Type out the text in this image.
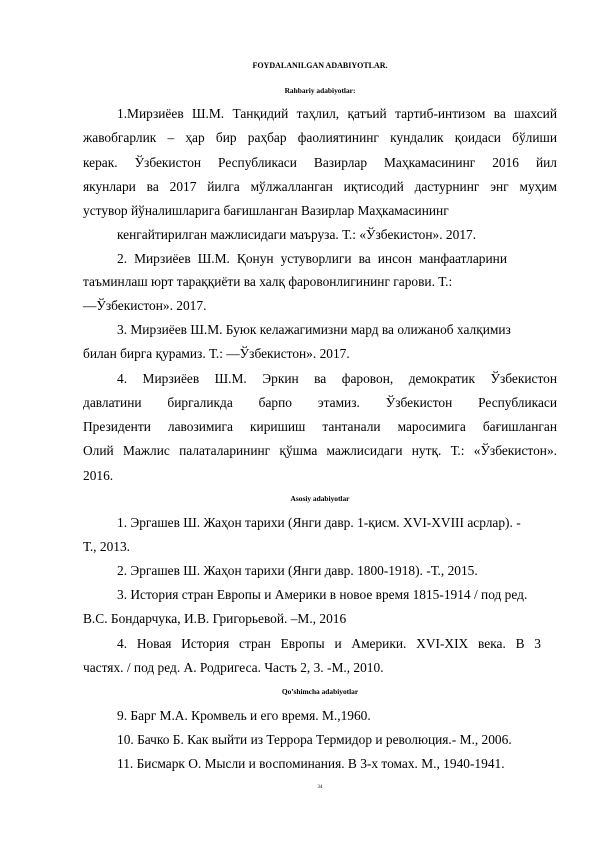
FOYDALANILGAN ADABIYOTLAR.
Rahbariy adabiyotlar:
1.Мирзиёев Ш.М. Танқидий таҳлил, қатъий тартиб-интизом ва шахсий
жавобгарлик – ҳар бир раҳбар фаолиятининг кундалик қоидаси бўлиши
керак. Ўзбекистон Республикаси Вазирлар Маҳкамасининг 2016 йил
якунлари ва 2017 йилга мўлжалланган иқтисодий дастурнинг энг муҳим
устувор йўналишларига бағишланган Вазирлар Маҳкамасининг
кенгайтирилган мажлисидаги маъруза. Т.: «Ўзбекистон». 2017.
2. Мирзиёев Ш.М. Қонун устуворлиги ва инсон манфаатларини
таъминлаш юрт тараққиёти ва халқ фаровонлигининг гарови. Т.:
―Ўзбекистон». 2017.
3. Мирзиёев Ш.М. Буюк келажагимизни мард ва олижаноб халқимиз
билан бирга қурамиз. Т.: ―Ўзбекистон». 2017.
4. Мирзиёев Ш.М. Эркин ва фаровон, демократик Ўзбекистон
давлатини биргаликда барпо этамиз. Ўзбекистон Республикаси
Президенти лавозимига киришиш тантанали маросимига бағишланган
Олий Мажлис палаталарининг қўшма мажлисидаги нутқ. Т.: «Ўзбекистон».
2016.
Asosiy adabiyotlar
1. Эргашев Ш. Жаҳон тарихи (Янги давр. 1-қисм. XVI-XVIII асрлар). -
Т., 2013.
2. Эргашев Ш. Жаҳон тарихи (Янги давр. 1800-1918). -Т., 2015.
3. История стран Европы и Америки в новое время 1815-1914 / под ред.
В.С. Бондарчука, И.В. Григорьевой. –М., 2016
4. Новая История стран Европы и Америки. XVI-XIX века. В 3
частях. / под ред. А. Родригеса. Часть 2, 3. -М., 2010.
Qo’shimcha adabiyotlar
9. Барг М.А. Кромвель и его время. М.,1960.
10. Бачко Б. Как выйти из Террора Термидор и революция.- М., 2006.
11. Бисмарк О. Мысли и воспоминания. В 3-х томах. М., 1940-1941.
34
